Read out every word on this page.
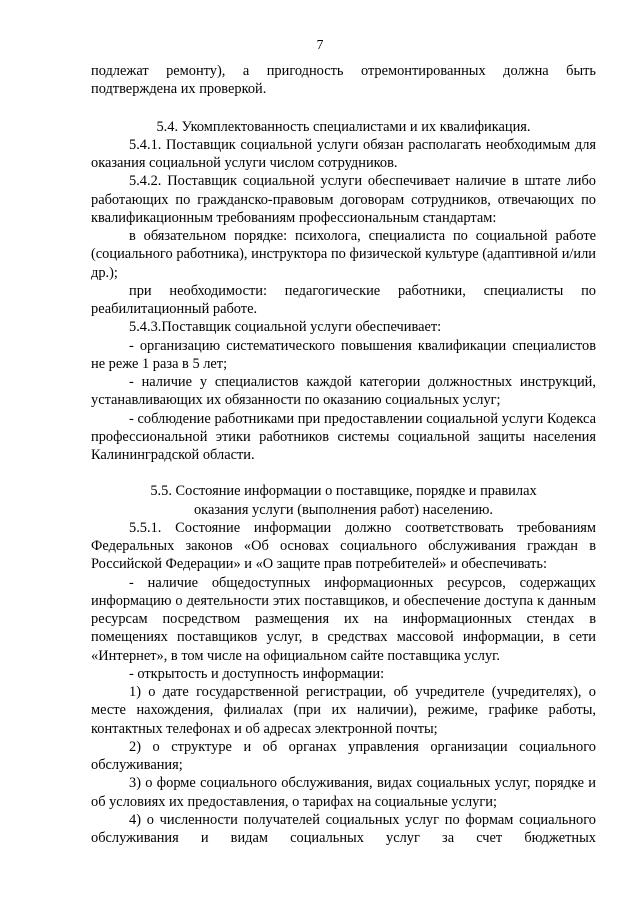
7

подлежат ремонту), а пригодность отремонтированных должна быть подтверждена их проверкой.

5.4. Укомплектованность специалистами и их квалификация.

5.4.1. Поставщик социальной услуги обязан располагать необходимым для оказания социальной услуги числом сотрудников.

5.4.2. Поставщик социальной услуги обеспечивает наличие в штате либо работающих по гражданско-правовым договорам сотрудников, отвечающих по квалификационным требованиям профессиональным стандартам:

в обязательном порядке: психолога, специалиста по социальной работе (социального работника), инструктора по физической культуре (адаптивной и/или др.);

при необходимости: педагогические работники, специалисты по реабилитационный работе.

5.4.3.Поставщик социальной услуги обеспечивает:

- организацию систематического повышения квалификации специалистов не реже 1 раза в 5 лет;

- наличие у специалистов каждой категории должностных инструкций, устанавливающих их обязанности по оказанию социальных услуг;

- соблюдение работниками при предоставлении социальной услуги Кодекса профессиональной этики работников системы социальной защиты населения Калининградской области.

5.5. Состояние информации о поставщике, порядке и правилах

оказания услуги (выполнения работ) населению.

5.5.1. Состояние информации должно соответствовать требованиям Федеральных законов «Об основах социального обслуживания граждан в Российской Федерации» и «О защите прав потребителей» и обеспечивать:

- наличие общедоступных информационных ресурсов, содержащих информацию о деятельности этих поставщиков, и обеспечение доступа к данным ресурсам посредством размещения их на информационных стендах в помещениях поставщиков услуг, в средствах массовой информации, в сети «Интернет», в том числе на официальном сайте поставщика услуг.

- открытость и доступность информации:

1) о дате государственной регистрации, об учредителе (учредителях), о месте нахождения, филиалах (при их наличии), режиме, графике работы, контактных телефонах и об адресах электронной почты;

2) о структуре и об органах управления организации социального обслуживания;

3) о форме социального обслуживания, видах социальных услуг, порядке и об условиях их предоставления, о тарифах на социальные услуги;

4) о численности получателей социальных услуг по формам социального обслуживания и видам социальных услуг за счет бюджетных
